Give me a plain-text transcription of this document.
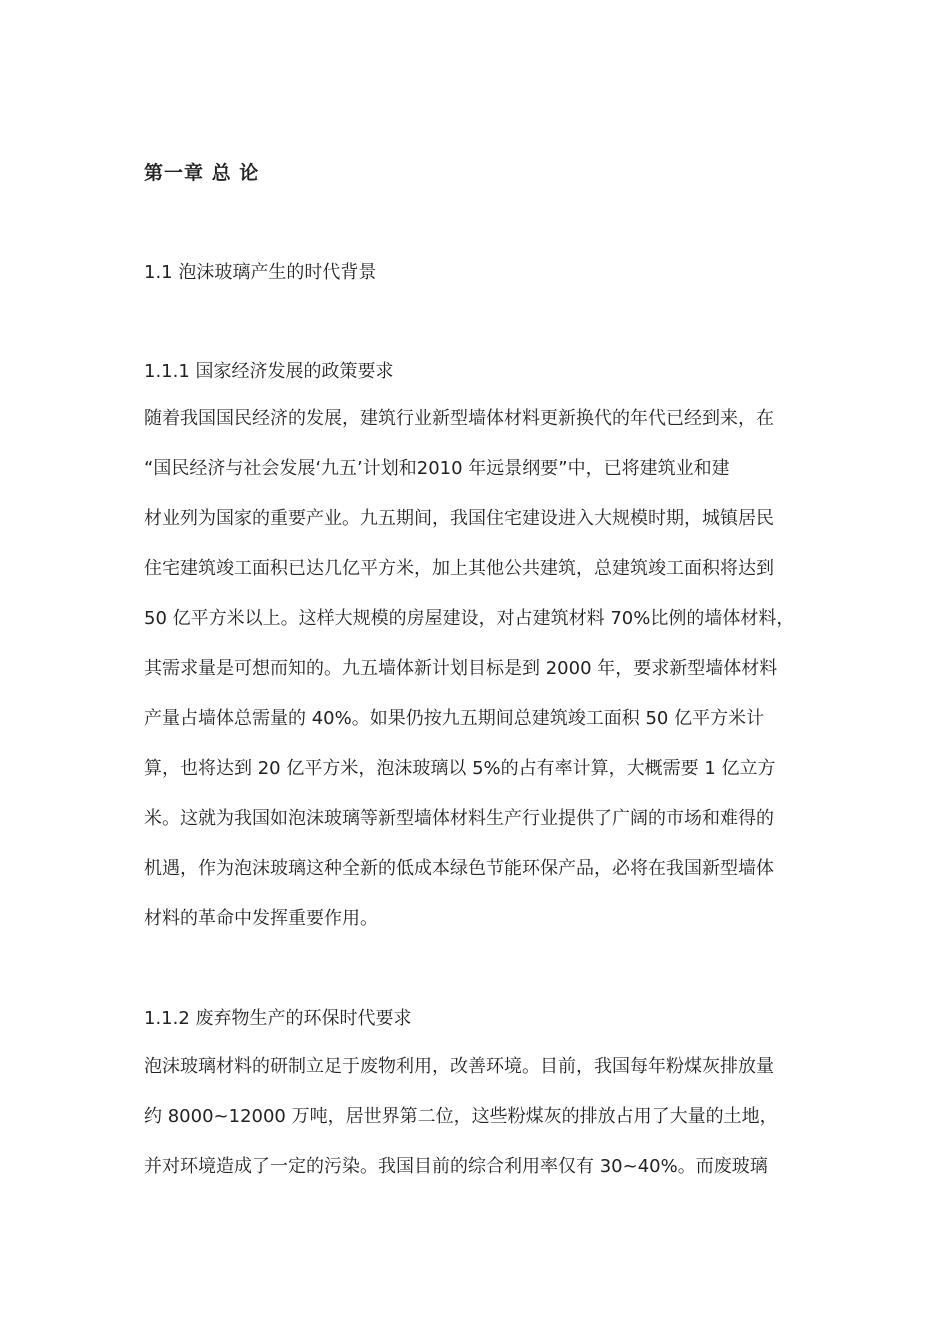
第一章 总 论
1.1 泡沫玻璃产生的时代背景
1.1.1 国家经济发展的政策要求
随着我国国民经济的发展，建筑行业新型墙体材料更新换代的年代已经到来，在
“国民经济与社会发展‘九五’计划和2010 年远景纲要”中，已将建筑业和建
材业列为国家的重要产业。九五期间，我国住宅建设进入大规模时期，城镇居民
住宅建筑竣工面积已达几亿平方米，加上其他公共建筑，总建筑竣工面积将达到
50 亿平方米以上。这样大规模的房屋建设，对占建筑材料 70%比例的墙体材料，
其需求量是可想而知的。九五墙体新计划目标是到 2000 年，要求新型墙体材料
产量占墙体总需量的 40%。如果仍按九五期间总建筑竣工面积 50 亿平方米计
算，也将达到 20 亿平方米，泡沫玻璃以 5%的占有率计算，大概需要 1 亿立方
米。这就为我国如泡沫玻璃等新型墙体材料生产行业提供了广阔的市场和难得的
机遇，作为泡沫玻璃这种全新的低成本绿色节能环保产品，必将在我国新型墙体
材料的革命中发挥重要作用。
1.1.2 废弃物生产的环保时代要求
泡沫玻璃材料的研制立足于废物利用，改善环境。目前，我国每年粉煤灰排放量
约 8000~12000 万吨，居世界第二位，这些粉煤灰的排放占用了大量的土地，
并对环境造成了一定的污染。我国目前的综合利用率仅有 30~40%。而废玻璃
